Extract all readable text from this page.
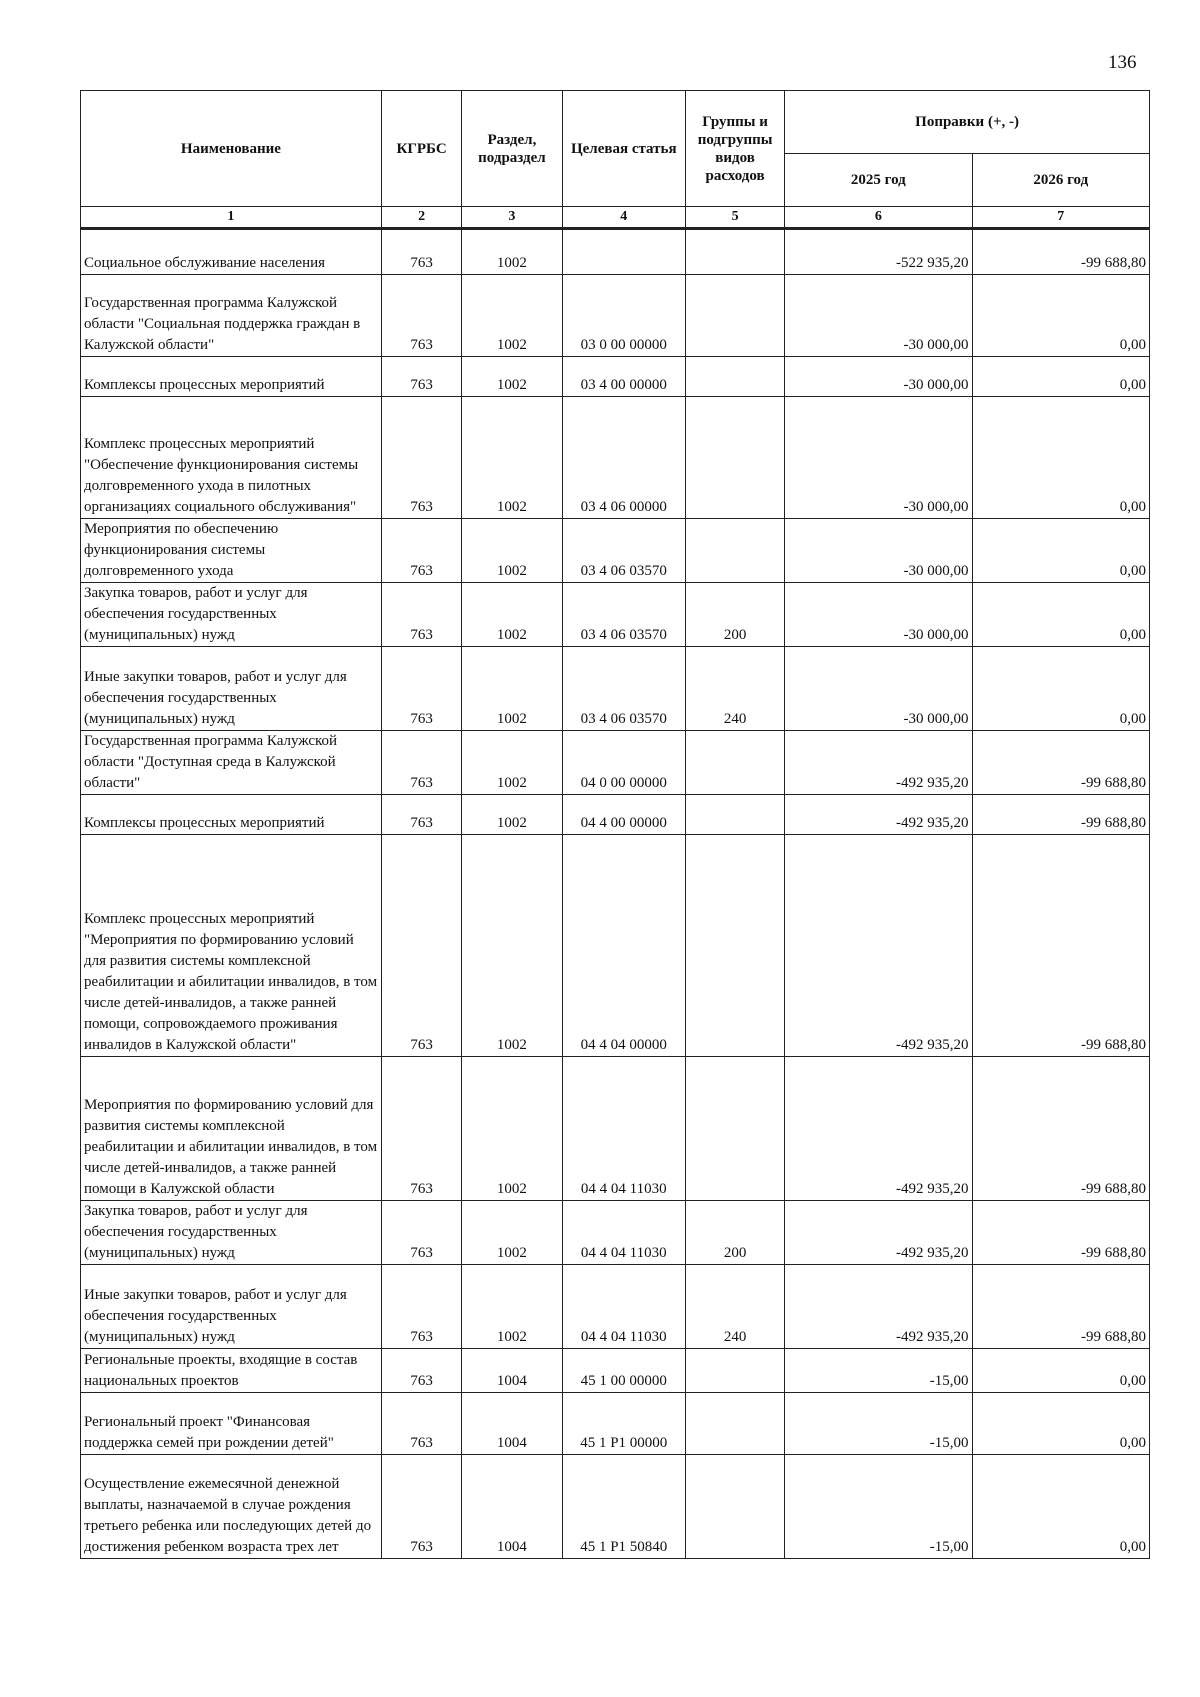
136
Наименование	КГРБС	Раздел, подраздел	Целевая статья	Группы и подгруппы видов расходов	Поправки (+, -)	
					2025 год	2026 год
1	2	3	4	5	6	7
Социальное обслуживание населения	763	1002			-522 935,20	-99 688,80
Государственная программа Калужской области "Социальная поддержка граждан в Калужской области"	763	1002	03 0 00 00000		-30 000,00	0,00
Комплексы процессных мероприятий	763	1002	03 4 00 00000		-30 000,00	0,00
Комплекс процессных мероприятий "Обеспечение функционирования системы долговременного ухода в пилотных организациях социального обслуживания"	763	1002	03 4 06 00000		-30 000,00	0,00
Мероприятия по обеспечению функционирования системы долговременного ухода	763	1002	03 4 06 03570		-30 000,00	0,00
Закупка товаров, работ и услуг для обеспечения государственных (муниципальных) нужд	763	1002	03 4 06 03570	200	-30 000,00	0,00
Иные закупки товаров, работ и услуг для обеспечения государственных (муниципальных) нужд	763	1002	03 4 06 03570	240	-30 000,00	0,00
Государственная программа Калужской области "Доступная среда в Калужской области"	763	1002	04 0 00 00000		-492 935,20	-99 688,80
Комплексы процессных мероприятий	763	1002	04 4 00 00000		-492 935,20	-99 688,80
Комплекс процессных мероприятий "Мероприятия по формированию условий для развития системы комплексной реабилитации и абилитации инвалидов, в том числе детей-инвалидов, а также ранней помощи, сопровождаемого проживания инвалидов в Калужской области"	763	1002	04 4 04 00000		-492 935,20	-99 688,80
Мероприятия по формированию условий для развития системы комплексной реабилитации и абилитации инвалидов, в том числе детей-инвалидов, а также ранней помощи в Калужской области	763	1002	04 4 04 11030		-492 935,20	-99 688,80
Закупка товаров, работ и услуг для обеспечения государственных (муниципальных) нужд	763	1002	04 4 04 11030	200	-492 935,20	-99 688,80
Иные закупки товаров, работ и услуг для обеспечения государственных (муниципальных) нужд	763	1002	04 4 04 11030	240	-492 935,20	-99 688,80
Региональные проекты, входящие в состав национальных проектов	763	1004	45 1 00 00000		-15,00	0,00
Региональный проект "Финансовая поддержка семей при рождении детей"	763	1004	45 1 P1 00000		-15,00	0,00
Осуществление ежемесячной денежной выплаты, назначаемой в случае рождения третьего ребенка или последующих детей до достижения ребенком возраста трех лет	763	1004	45 1 P1 50840		-15,00	0,00
